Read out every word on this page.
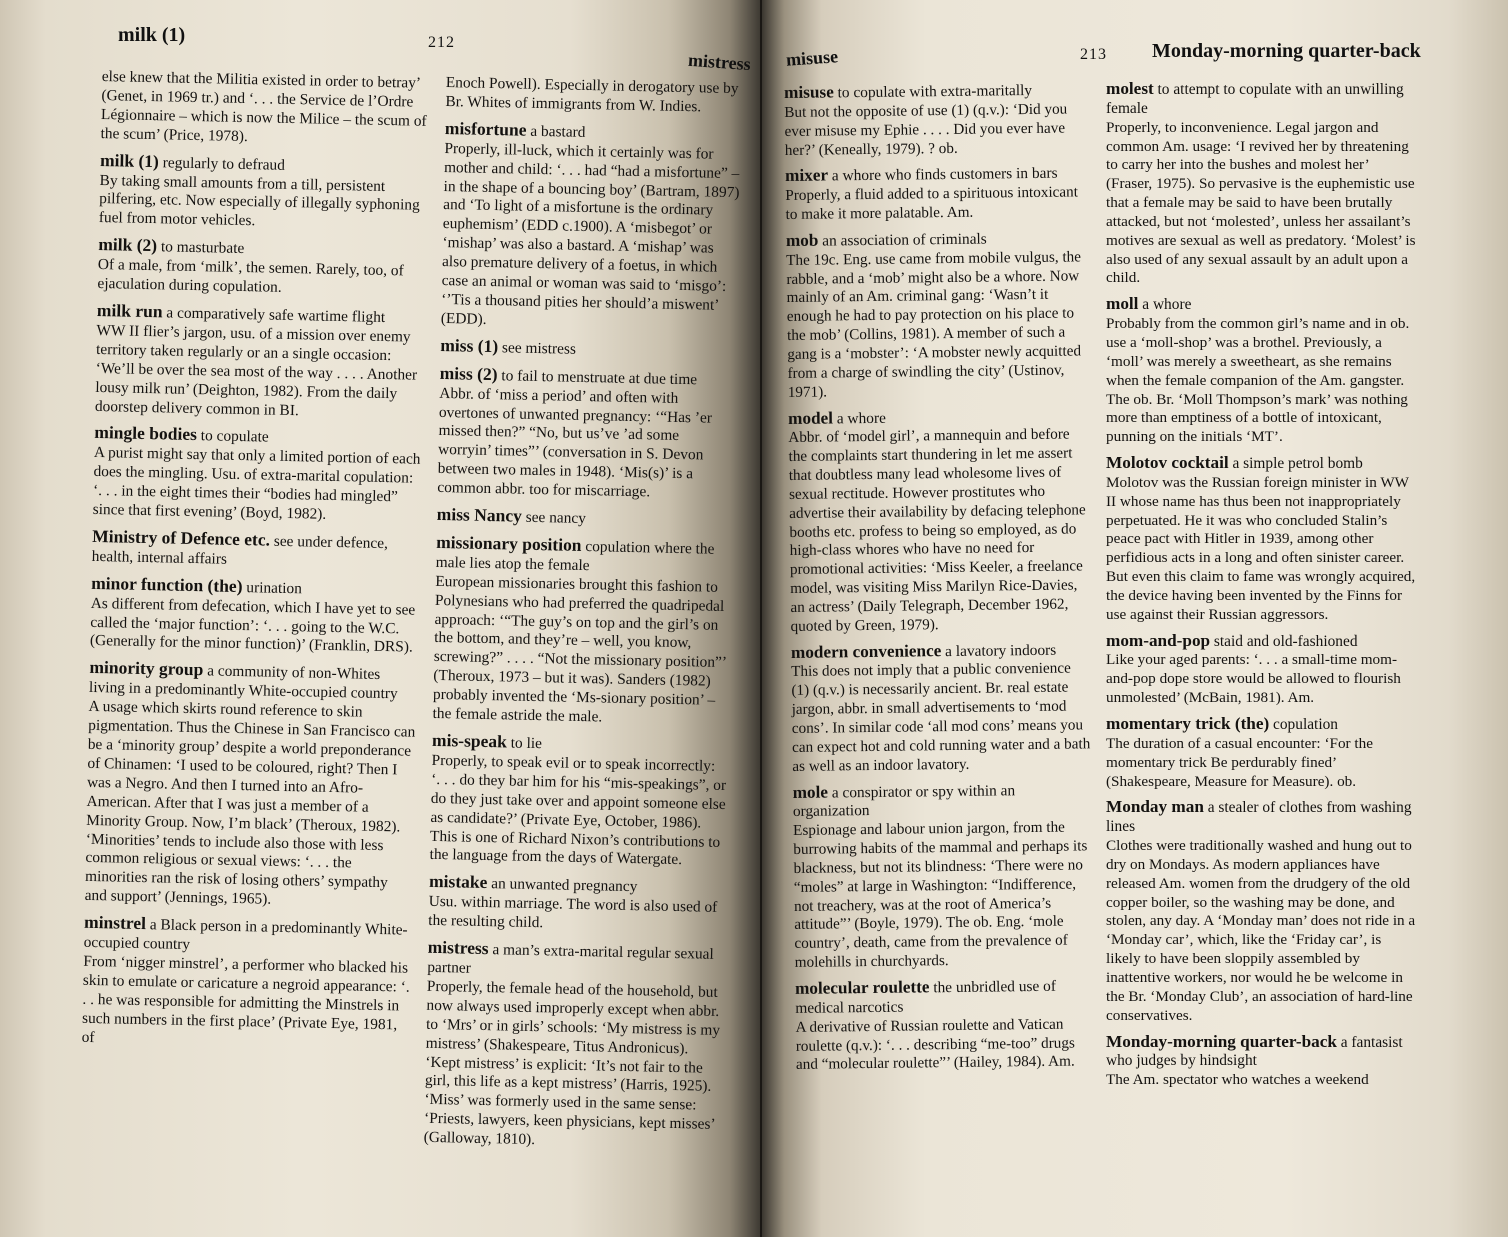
milk (1)	212
mistress
else knew that the Militia existed in order to betray’ (Genet, in 1969 tr.) and ‘. . . the Service de l’Ordre Légionnaire – which is now the Milice – the scum of the scum’ (Price, 1978).
milk (1) regularly to defraud
By taking small amounts from a till, persistent pilfering, etc. Now especially of illegally syphoning fuel from motor vehicles.
milk (2) to masturbate
Of a male, from ‘milk’, the semen. Rarely, too, of ejaculation during copulation.
milk run a comparatively safe wartime flight
WW II flier’s jargon, usu. of a mission over enemy territory taken regularly or an a single occasion: ‘We’ll be over the sea most of the way . . . . Another lousy milk run’ (Deighton, 1982). From the daily doorstep delivery common in BI.
mingle bodies to copulate
A purist might say that only a limited portion of each does the mingling. Usu. of extra-marital copulation: ‘. . . in the eight times their “bodies had mingled” since that first evening’ (Boyd, 1982).
Ministry of Defence etc. see under defence, health, internal affairs
minor function (the) urination
As different from defecation, which I have yet to see called the ‘major function’: ‘. . . going to the W.C. (Generally for the minor function)’ (Franklin, DRS).
minority group a community of non-Whites living in a predominantly White-occupied country
A usage which skirts round reference to skin pigmentation. Thus the Chinese in San Francisco can be a ‘minority group’ despite a world preponderance of Chinamen: ‘I used to be coloured, right? Then I was a Negro. And then I turned into an Afro-American. After that I was just a member of a Minority Group. Now, I’m black’ (Theroux, 1982). ‘Minorities’ tends to include also those with less common religious or sexual views: ‘. . . the minorities ran the risk of losing others’ sympathy and support’ (Jennings, 1965).
minstrel a Black person in a predominantly White-occupied country
From ‘nigger minstrel’, a performer who blacked his skin to emulate or caricature a negroid appearance: ‘. . . he was responsible for admitting the Minstrels in such numbers in the first place’ (Private Eye, 1981, of
Enoch Powell). Especially in derogatory use by Br. Whites of immigrants from W. Indies.
misfortune a bastard
Properly, ill-luck, which it certainly was for mother and child: ‘. . . had “had a misfortune” – in the shape of a bouncing boy’ (Bartram, 1897) and ‘To light of a misfortune is the ordinary euphemism’ (EDD c.1900). A ‘misbegot’ or ‘mishap’ was also a bastard. A ‘mishap’ was also premature delivery of a foetus, in which case an animal or woman was said to ‘misgo’: ‘’Tis a thousand pities her should’a miswent’ (EDD).
miss (1) see mistress
miss (2) to fail to menstruate at due time
Abbr. of ‘miss a period’ and often with overtones of unwanted pregnancy: ‘“Has ’er missed then?” “No, but us’ve ’ad some worryin’ times”’ (conversation in S. Devon between two males in 1948). ‘Mis(s)’ is a common abbr. too for miscarriage.
miss Nancy see nancy
missionary position copulation where the male lies atop the female
European missionaries brought this fashion to Polynesians who had preferred the quadripedal approach: ‘“The guy’s on top and the girl’s on the bottom, and they’re – well, you know, screwing?” . . . . “Not the missionary position”’ (Theroux, 1973 – but it was). Sanders (1982) probably invented the ‘Ms-sionary position’ – the female astride the male.
mis-speak to lie
Properly, to speak evil or to speak incorrectly: ‘. . . do they bar him for his “mis-speakings”, or do they just take over and appoint someone else as candidate?’ (Private Eye, October, 1986). This is one of Richard Nixon’s contributions to the language from the days of Watergate.
mistake an unwanted pregnancy
Usu. within marriage. The word is also used of the resulting child.
mistress a man’s extra-marital regular sexual partner
Properly, the female head of the household, but now always used improperly except when abbr. to ‘Mrs’ or in girls’ schools: ‘My mistress is my mistress’ (Shakespeare, Titus Andronicus). ‘Kept mistress’ is explicit: ‘It’s not fair to the girl, this life as a kept mistress’ (Harris, 1925). ‘Miss’ was formerly used in the same sense: ‘Priests, lawyers, keen physicians, kept misses’ (Galloway, 1810).
misuse	213 Monday-morning quarter-back
misuse to copulate with extra-maritally
But not the opposite of use (1) (q.v.): ‘Did you ever misuse my Ephie . . . . Did you ever have her?’ (Keneally, 1979). ? ob.
mixer a whore who finds customers in bars
Properly, a fluid added to a spirituous intoxicant to make it more palatable. Am.
mob an association of criminals
The 19c. Eng. use came from mobile vulgus, the rabble, and a ‘mob’ might also be a whore. Now mainly of an Am. criminal gang: ‘Wasn’t it enough he had to pay protection on his place to the mob’ (Collins, 1981). A member of such a gang is a ‘mobster’: ‘A mobster newly acquitted from a charge of swindling the city’ (Ustinov, 1971).
model a whore
Abbr. of ‘model girl’, a mannequin and before the complaints start thundering in let me assert that doubtless many lead wholesome lives of sexual rectitude. However prostitutes who advertise their availability by defacing telephone booths etc. profess to being so employed, as do high-class whores who have no need for promotional activities: ‘Miss Keeler, a freelance model, was visiting Miss Marilyn Rice-Davies, an actress’ (Daily Telegraph, December 1962, quoted by Green, 1979).
modern convenience a lavatory indoors
This does not imply that a public convenience (1) (q.v.) is necessarily ancient. Br. real estate jargon, abbr. in small advertisements to ‘mod cons’. In similar code ‘all mod cons’ means you can expect hot and cold running water and a bath as well as an indoor lavatory.
mole a conspirator or spy within an organization
Espionage and labour union jargon, from the burrowing habits of the mammal and perhaps its blackness, but not its blindness: ‘There were no “moles” at large in Washington: “Indifference, not treachery, was at the root of America’s attitude”’ (Boyle, 1979). The ob. Eng. ‘mole country’, death, came from the prevalence of molehills in churchyards.
molecular roulette the unbridled use of medical narcotics
A derivative of Russian roulette and Vatican roulette (q.v.): ‘. . . describing “me-too” drugs and “molecular roulette”’ (Hailey, 1984). Am.
molest to attempt to copulate with an unwilling female
Properly, to inconvenience. Legal jargon and common Am. usage: ‘I revived her by threatening to carry her into the bushes and molest her’ (Fraser, 1975). So pervasive is the euphemistic use that a female may be said to have been brutally attacked, but not ‘molested’, unless her assailant’s motives are sexual as well as predatory. ‘Molest’ is also used of any sexual assault by an adult upon a child.
moll a whore
Probably from the common girl’s name and in ob. use a ‘moll-shop’ was a brothel. Previously, a ‘moll’ was merely a sweetheart, as she remains when the female companion of the Am. gangster. The ob. Br. ‘Moll Thompson’s mark’ was nothing more than emptiness of a bottle of intoxicant, punning on the initials ‘MT’.
Molotov cocktail a simple petrol bomb
Molotov was the Russian foreign minister in WW II whose name has thus been not inappropriately perpetuated. He it was who concluded Stalin’s peace pact with Hitler in 1939, among other perfidious acts in a long and often sinister career. But even this claim to fame was wrongly acquired, the device having been invented by the Finns for use against their Russian aggressors.
mom-and-pop staid and old-fashioned
Like your aged parents: ‘. . . a small-time mom-and-pop dope store would be allowed to flourish unmolested’ (McBain, 1981). Am.
momentary trick (the) copulation
The duration of a casual encounter: ‘For the momentary trick Be perdurably fined’ (Shakespeare, Measure for Measure). ob.
Monday man a stealer of clothes from washing lines
Clothes were traditionally washed and hung out to dry on Mondays. As modern appliances have released Am. women from the drudgery of the old copper boiler, so the washing may be done, and stolen, any day. A ‘Monday man’ does not ride in a ‘Monday car’, which, like the ‘Friday car’, is likely to have been sloppily assembled by inattentive workers, nor would he be welcome in the Br. ‘Monday Club’, an association of hard-line conservatives.
Monday-morning quarter-back a fantasist who judges by hindsight
The Am. spectator who watches a weekend
